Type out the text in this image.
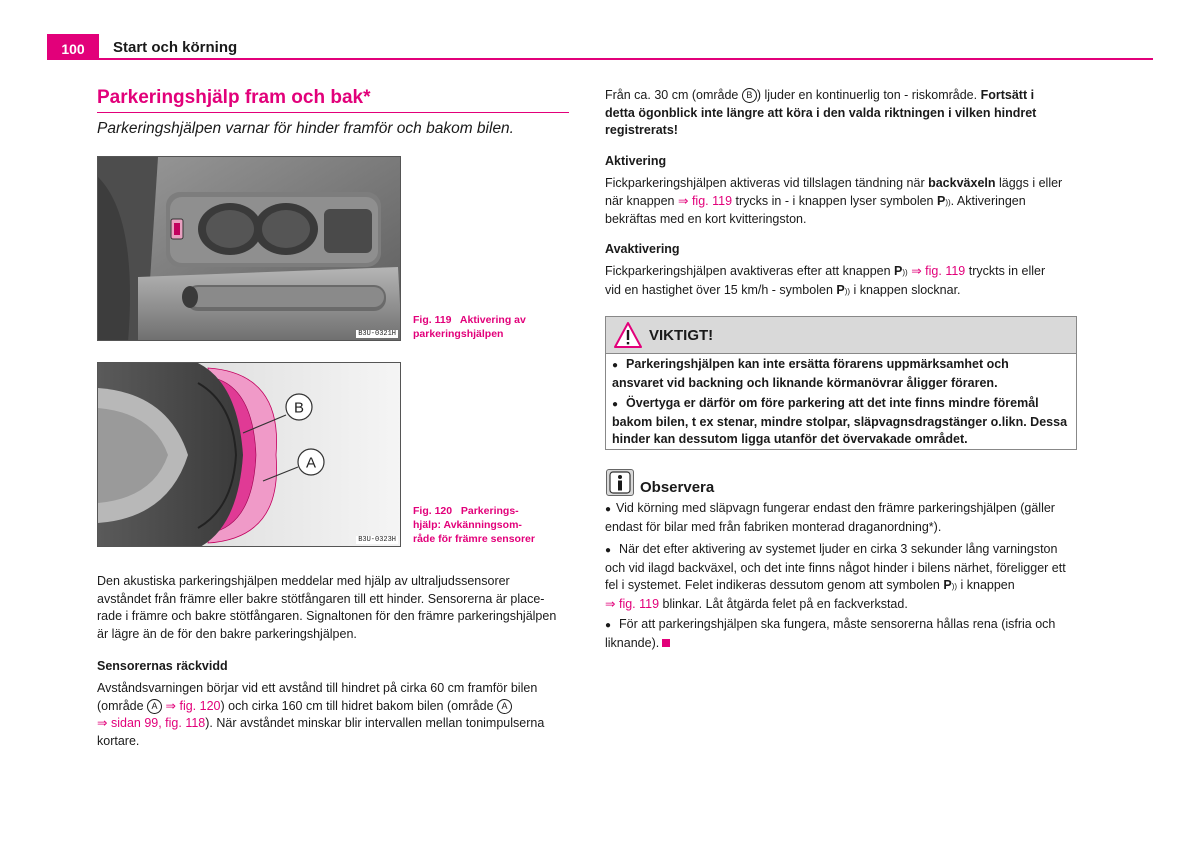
100	Start och körning
Parkeringshjälp fram och bak*
Parkeringshjälpen varnar för hinder framför och bakom bilen.
B3U-0321H
Fig. 119 Aktivering av
parkeringshjälpen
B
A
B3U-0323H
Fig. 120 Parkerings-
hjälp: Avkänningsom-
råde för främre sensorer
Den akustiska parkeringshjälpen meddelar med hjälp av ultraljudssensorer
avståndet från främre eller bakre stötfångaren till ett hinder. Sensorerna är place-
rade i främre och bakre stötfångaren. Signaltonen för den främre parkeringshjälpen
är lägre än de för den bakre parkeringshjälpen.
Sensorernas räckvidd
Avståndsvarningen börjar vid ett avstånd till hindret på cirka 60 cm framför bilen
(område A ⇒ fig. 120) och cirka 160 cm till hidret bakom bilen (område A
⇒ sidan 99, fig. 118). När avståndet minskar blir intervallen mellan tonimpulserna
kortare.
Från ca. 30 cm (område B ) ljuder en kontinuerlig ton - riskområde. Fortsätt i
detta ögonblick inte längre att köra i den valda riktningen i vilken hindret
registrerats!
Aktivering
Fickparkeringshjälpen aktiveras vid tillslagen tändning när backväxeln läggs i eller
när knappen ⇒ fig. 119 trycks in - i knappen lyser symbolen P)). Aktiveringen
bekräftas med en kort kvitteringston.
Avaktivering
Fickparkeringshjälpen avaktiveras efter att knappen P)) ⇒ fig. 119 tryckts in eller
vid en hastighet över 15 km/h - symbolen P)) i knappen slocknar.
VIKTIGT!
● Parkeringshjälpen kan inte ersätta förarens uppmärksamhet och
ansvaret vid backning och liknande körmanövrar åligger föraren.
● Övertyga er därför om före parkering att det inte finns mindre föremål
bakom bilen, t ex stenar, mindre stolpar, släpvagnsdragstänger o.likn. Dessa
hinder kan dessutom ligga utanför det övervakade området.
Observera
● Vid körning med släpvagn fungerar endast den främre parkeringshjälpen (gäller
endast för bilar med från fabriken monterad draganordning*).
● När det efter aktivering av systemet ljuder en cirka 3 sekunder lång varningston
och vid ilagd backväxel, och det inte finns något hinder i bilens närhet, föreligger ett
fel i systemet. Felet indikeras dessutom genom att symbolen P)) i knappen
⇒ fig. 119 blinkar. Låt åtgärda felet på en fackverkstad.
● För att parkeringshjälpen ska fungera, måste sensorerna hållas rena (isfria och
liknande).
